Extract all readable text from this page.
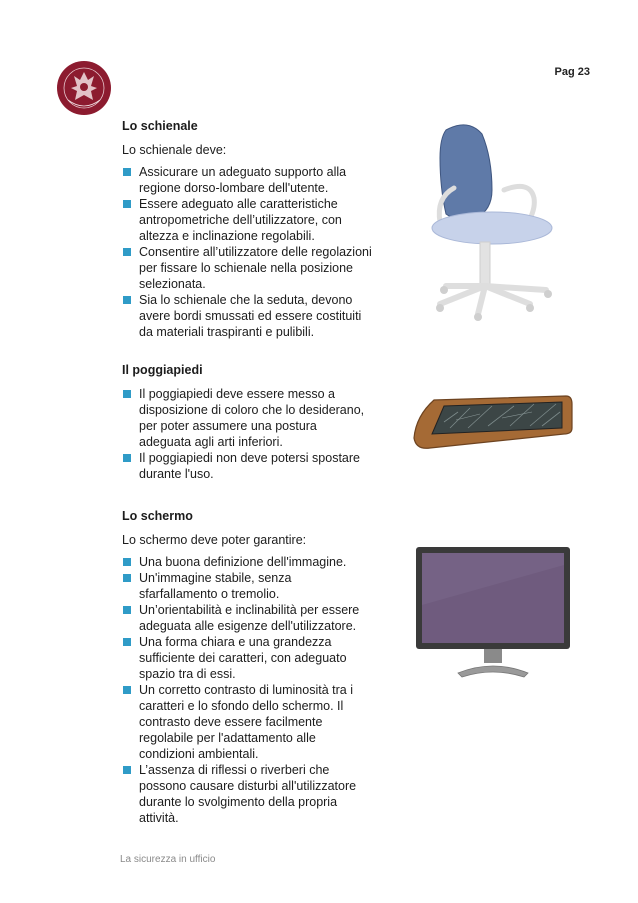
Pag 23
Lo schienale

Lo schienale deve:

Assicurare un adeguato supporto alla regione dorso-lombare dell'utente.
Essere adeguato alle caratteristiche antropometriche dell’utilizzatore, con altezza e inclinazione regolabili.
Consentire all’utilizzatore delle regolazioni per fissare lo schienale nella posizione selezionata.
Sia lo schienale che la seduta, devono avere bordi smussati ed essere costituiti da materiali traspiranti e pulibili.
Il poggiapiedi
Il poggiapiedi deve essere messo a disposizione di coloro che lo desiderano, per poter assumere una postura adeguata agli arti inferiori.
Il poggiapiedi non deve potersi spostare durante l'uso.
Lo schermo

Lo schermo deve poter garantire:

Una buona definizione dell'immagine.
Un'immagine stabile, senza sfarfallamento o tremolio.
Un’orientabilità e inclinabilità per essere adeguata alle esigenze dell'utilizzatore.
Una forma chiara e una grandezza sufficiente dei caratteri, con adeguato spazio tra di essi.
Un corretto contrasto di luminosità tra i caratteri e lo sfondo dello schermo. Il contrasto deve essere facilmente regolabile per l'adattamento alle condizioni ambientali.
L’assenza di riflessi o riverberi che possono causare disturbi all'utilizzatore durante lo svolgimento della propria attività.
La sicurezza in ufficio
